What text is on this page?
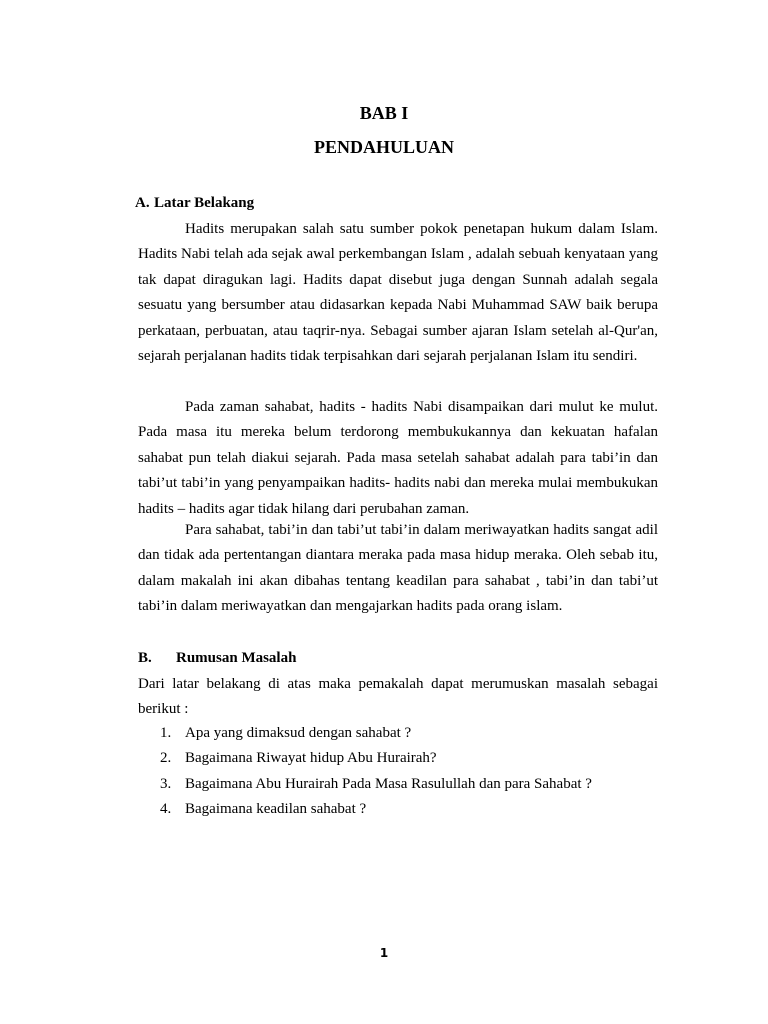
BAB I
PENDAHULUAN
A. Latar Belakang

Hadits merupakan salah satu sumber pokok penetapan hukum dalam Islam. Hadits Nabi telah ada sejak awal perkembangan Islam , adalah sebuah kenyataan yang tak dapat diragukan lagi. Hadits dapat disebut juga dengan Sunnah adalah segala sesuatu yang bersumber atau didasarkan kepada Nabi Muhammad SAW baik berupa perkataan, perbuatan, atau taqrir-nya. Sebagai sumber ajaran Islam setelah al-Qur'an, sejarah perjalanan hadits tidak terpisahkan dari sejarah perjalanan Islam itu sendiri.

Pada zaman sahabat, hadits - hadits Nabi disampaikan dari mulut ke mulut. Pada masa itu mereka belum terdorong membukukannya dan kekuatan hafalan sahabat pun telah diakui sejarah. Pada masa setelah sahabat adalah para tabi’in dan tabi’ut tabi’in yang penyampaikan hadits- hadits nabi dan mereka mulai membukukan hadits – hadits agar tidak hilang dari perubahan zaman.

Para sahabat, tabi’in dan tabi’ut tabi’in dalam meriwayatkan hadits sangat adil dan tidak ada pertentangan diantara meraka pada masa hidup meraka. Oleh sebab itu, dalam makalah ini akan dibahas tentang keadilan para sahabat , tabi’in dan tabi’ut tabi’in dalam meriwayatkan dan mengajarkan hadits pada orang islam.

B. Rumusan Masalah

Dari latar belakang di atas maka pemakalah dapat merumuskan masalah sebagai berikut :

1. Apa yang dimaksud dengan sahabat ?
2. Bagaimana Riwayat hidup Abu Hurairah?
3. Bagaimana Abu Hurairah Pada Masa Rasulullah dan para Sahabat ?
4. Bagaimana keadilan sahabat ?
1
